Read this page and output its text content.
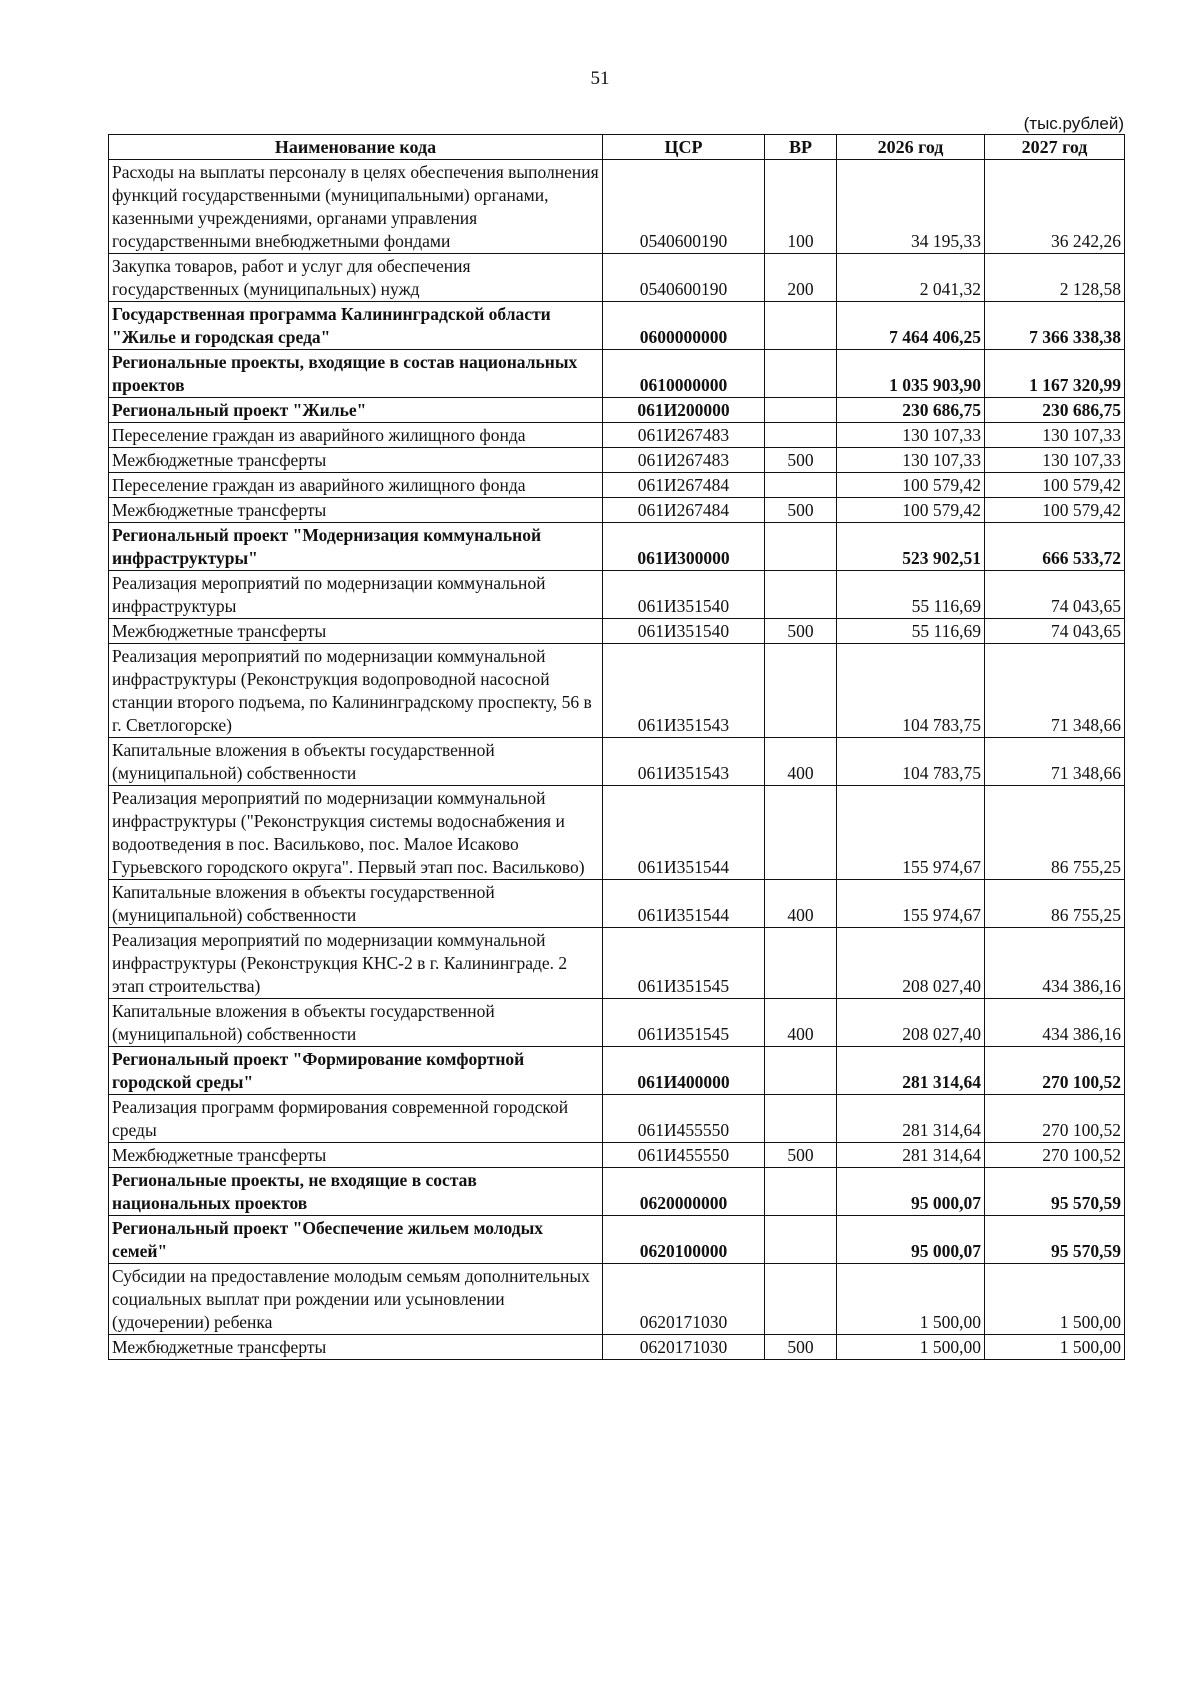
51
(тыс.рублей)
Наименование кода	ЦСР	ВР	2026 год	2027 год
Расходы на выплаты персоналу в целях обеспечения выполнения функций государственными (муниципальными) органами, казенными учреждениями, органами управления государственными внебюджетными фондами	0540600190	100	34 195,33	36 242,26
Закупка товаров, работ и услуг для обеспечения государственных (муниципальных) нужд	0540600190	200	2 041,32	2 128,58
Государственная программа Калининградской области "Жилье и городская среда"	0600000000		7 464 406,25	7 366 338,38
Региональные проекты, входящие в состав национальных проектов	0610000000		1 035 903,90	1 167 320,99
Региональный проект "Жилье"	061И200000		230 686,75	230 686,75
Переселение граждан из аварийного жилищного фонда	061И267483		130 107,33	130 107,33
Межбюджетные трансферты	061И267483	500	130 107,33	130 107,33
Переселение граждан из аварийного жилищного фонда	061И267484		100 579,42	100 579,42
Межбюджетные трансферты	061И267484	500	100 579,42	100 579,42
Региональный проект "Модернизация коммунальной инфраструктуры"	061И300000		523 902,51	666 533,72
Реализация мероприятий по модернизации коммунальной инфраструктуры	061И351540		55 116,69	74 043,65
Межбюджетные трансферты	061И351540	500	55 116,69	74 043,65
Реализация мероприятий по модернизации коммунальной инфраструктуры (Реконструкция водопроводной насосной станции второго подъема, по Калининградскому проспекту, 56 в г. Светлогорске)	061И351543		104 783,75	71 348,66
Капитальные вложения в объекты государственной (муниципальной) собственности	061И351543	400	104 783,75	71 348,66
Реализация мероприятий по модернизации коммунальной инфраструктуры ("Реконструкция системы водоснабжения и водоотведения в пос. Васильково, пос. Малое Исаково Гурьевского городского округа". Первый этап пос. Васильково)	061И351544		155 974,67	86 755,25
Капитальные вложения в объекты государственной (муниципальной) собственности	061И351544	400	155 974,67	86 755,25
Реализация мероприятий по модернизации коммунальной инфраструктуры (Реконструкция КНС-2 в г. Калининграде. 2 этап строительства)	061И351545		208 027,40	434 386,16
Капитальные вложения в объекты государственной (муниципальной) собственности	061И351545	400	208 027,40	434 386,16
Региональный проект "Формирование комфортной городской среды"	061И400000		281 314,64	270 100,52
Реализация программ формирования современной городской среды	061И455550		281 314,64	270 100,52
Межбюджетные трансферты	061И455550	500	281 314,64	270 100,52
Региональные проекты, не входящие в состав национальных проектов	0620000000		95 000,07	95 570,59
Региональный проект "Обеспечение жильем молодых семей"	0620100000		95 000,07	95 570,59
Субсидии на предоставление молодым семьям дополнительных социальных выплат при рождении или усыновлении (удочерении) ребенка	0620171030		1 500,00	1 500,00
Межбюджетные трансферты	0620171030	500	1 500,00	1 500,00
